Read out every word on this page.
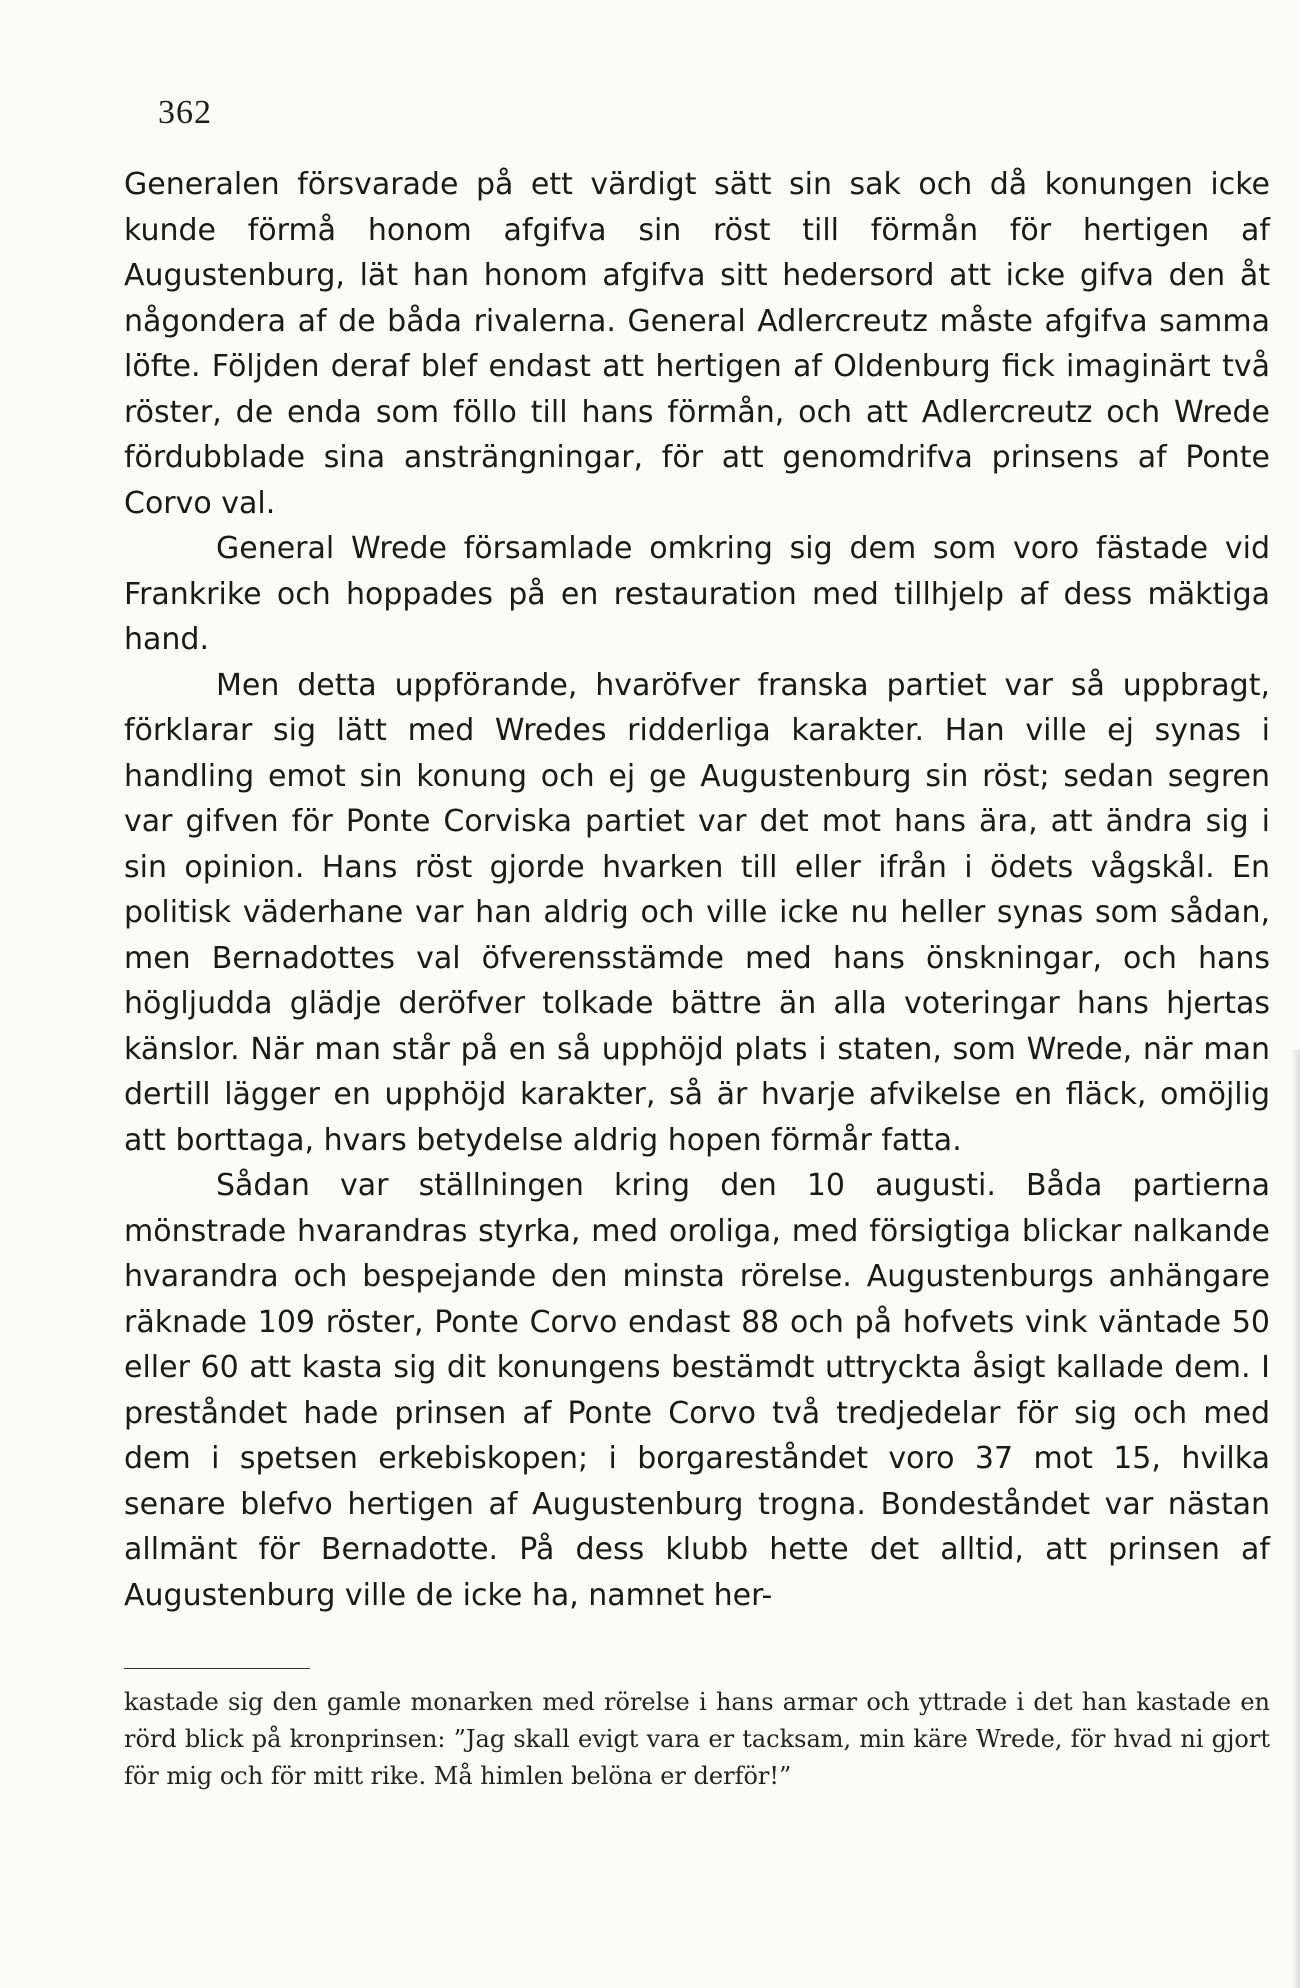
362

Generalen försvarade på ett värdigt sätt sin sak och då konungen icke kunde förmå honom afgifva sin röst till förmån för hertigen af Augustenburg, lät han honom afgifva sitt hedersord att icke gifva den åt någondera af de båda rivalerna. General Adlercreutz måste afgifva samma löfte. Följden deraf blef endast att hertigen af Oldenburg fick imaginärt två röster, de enda som föllo till hans förmån, och att Adlercreutz och Wrede fördubblade sina ansträngningar, för att genomdrifva prinsens af Ponte Corvo val.

General Wrede församlade omkring sig dem som voro fästade vid Frankrike och hoppades på en restauration med tillhjelp af dess mäktiga hand.

Men detta uppförande, hvaröfver franska partiet var så uppbragt, förklarar sig lätt med Wredes ridderliga karakter. Han ville ej synas i handling emot sin konung och ej ge Augustenburg sin röst; sedan segren var gifven för Ponte Corviska partiet var det mot hans ära, att ändra sig i sin opinion. Hans röst gjorde hvarken till eller ifrån i ödets vågskål. En politisk väderhane var han aldrig och ville icke nu heller synas som sådan, men Bernadottes val öfverensstämde med hans önskningar, och hans högljudda glädje deröfver tolkade bättre än alla voteringar hans hjertas känslor. När man står på en så upphöjd plats i staten, som Wrede, när man dertill lägger en upphöjd karakter, så är hvarje afvikelse en fläck, omöjlig att borttaga, hvars betydelse aldrig hopen förmår fatta.

Sådan var ställningen kring den 10 augusti. Båda partierna mönstrade hvarandras styrka, med oroliga, med försigtiga blickar nalkande hvarandra och bespejande den minsta rörelse. Augustenburgs anhängare räknade 109 röster, Ponte Corvo endast 88 och på hofvets vink väntade 50 eller 60 att kasta sig dit konungens bestämdt uttryckta åsigt kallade dem. I preståndet hade prinsen af Ponte Corvo två tredjedelar för sig och med dem i spetsen erkebiskopen; i borgareståndet voro 37 mot 15, hvilka senare blefvo hertigen af Augustenburg trogna. Bondeståndet var nästan allmänt för Bernadotte. På dess klubb hette det alltid, att prinsen af Augustenburg ville de icke ha, namnet her-

kastade sig den gamle monarken med rörelse i hans armar och yttrade i det han kastade en rörd blick på kronprinsen: ”Jag skall evigt vara er tacksam, min käre Wrede, för hvad ni gjort för mig och för mitt rike. Må himlen belöna er derför!”
